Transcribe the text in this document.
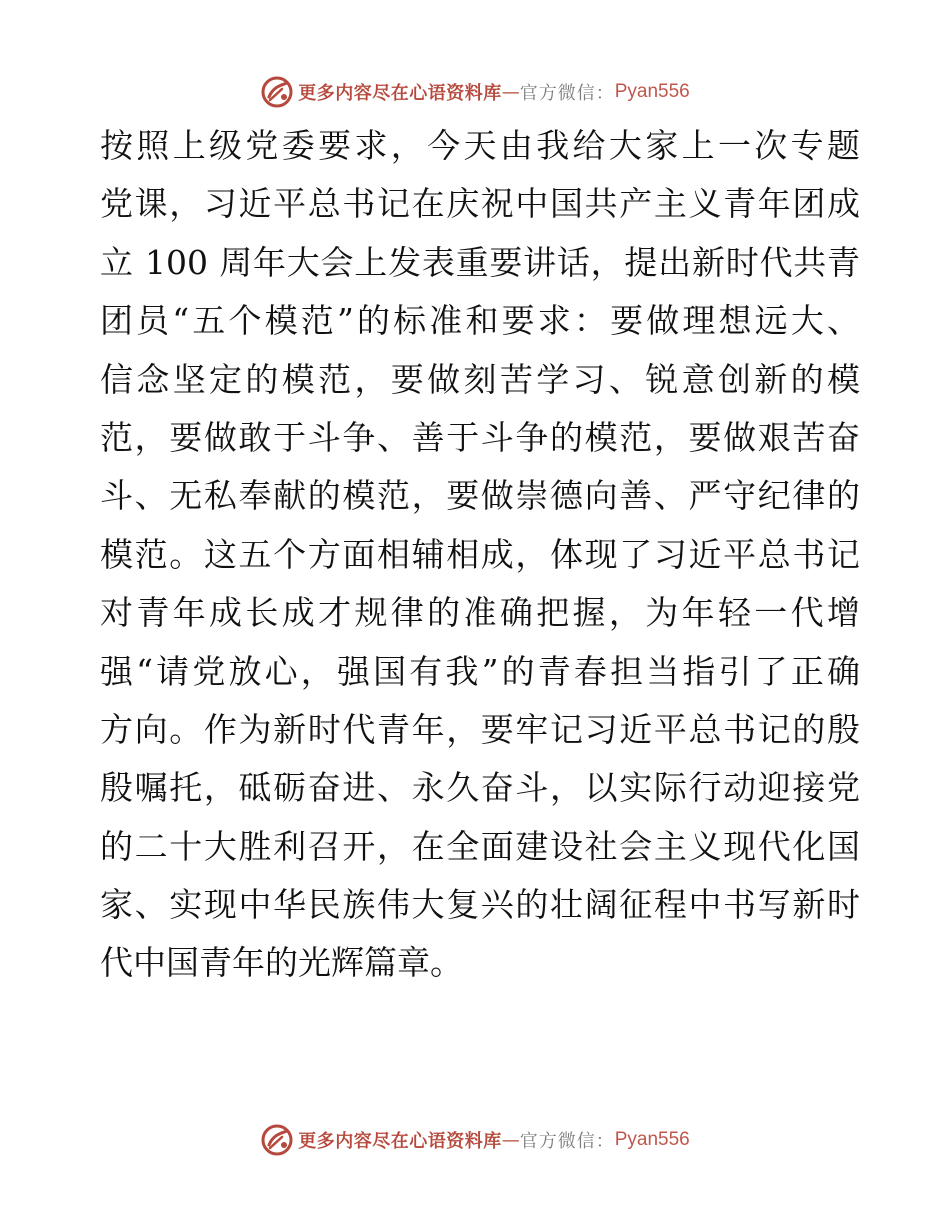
更多内容尽在心语资料库 — 官方微信： Pyan556
按照上级党委要求，今天由我给大家上一次专题
党课，习近平总书记在庆祝中国共产主义青年团成
立 100 周年大会上发表重要讲话，提出新时代共青
团员“五个模范”的标准和要求：要做理想远大、
信念坚定的模范，要做刻苦学习、锐意创新的模
范，要做敢于斗争、善于斗争的模范，要做艰苦奋
斗、无私奉献的模范，要做崇德向善、严守纪律的
模范。这五个方面相辅相成，体现了习近平总书记
对青年成长成才规律的准确把握，为年轻一代增
强“请党放心，强国有我”的青春担当指引了正确
方向。作为新时代青年，要牢记习近平总书记的殷
殷嘱托，砥砺奋进、永久奋斗，以实际行动迎接党
的二十大胜利召开，在全面建设社会主义现代化国
家、实现中华民族伟大复兴的壮阔征程中书写新时
代中国青年的光辉篇章。
更多内容尽在心语资料库 — 官方微信： Pyan556
